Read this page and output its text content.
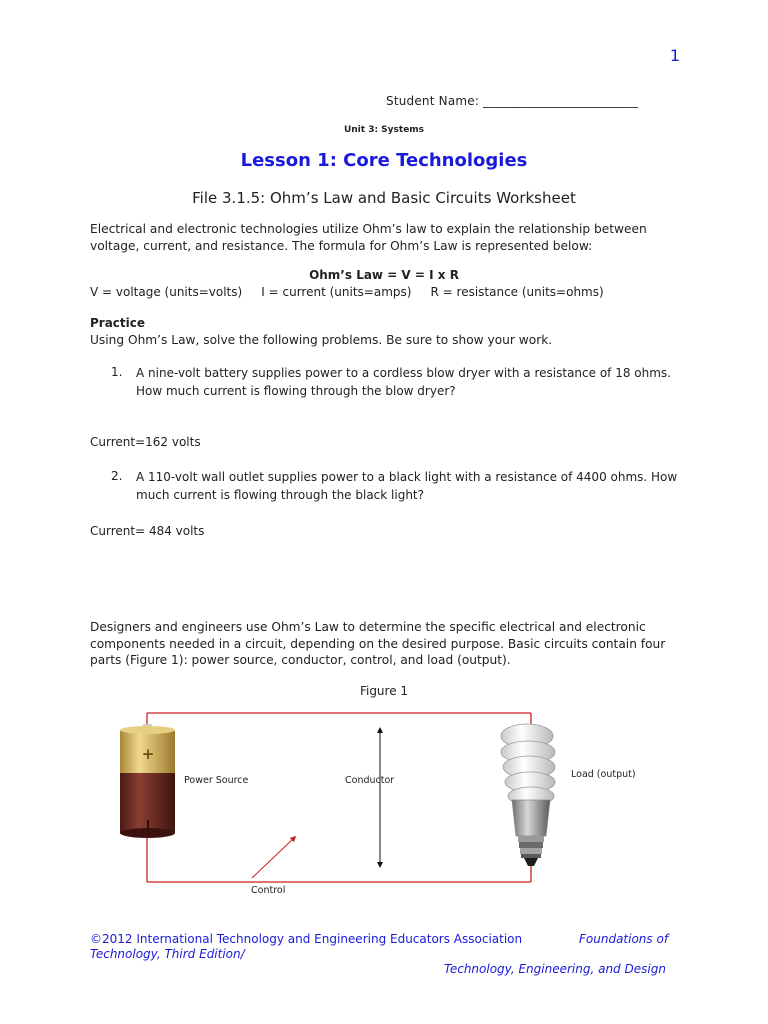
1
Student Name: _________________________
Unit 3: Systems
Lesson 1: Core Technologies
File 3.1.5: Ohm’s Law and Basic Circuits Worksheet
Electrical and electronic technologies utilize Ohm’s law to explain the relationship between voltage, current, and resistance. The formula for Ohm’s Law is represented below:
Ohm’s Law = V = I x R
V = voltage (units=volts)     I = current (units=amps)     R = resistance (units=ohms)
Practice
Using Ohm’s Law, solve the following problems. Be sure to show your work.
1. A nine-volt battery supplies power to a cordless blow dryer with a resistance of 18 ohms. How much current is flowing through the blow dryer?
Current=162 volts
2. A 110-volt wall outlet supplies power to a black light with a resistance of 4400 ohms. How much current is flowing through the black light?
Current= 484 volts
Designers and engineers use Ohm’s Law to determine the specific electrical and electronic components needed in a circuit, depending on the desired purpose. Basic circuits contain four parts (Figure 1): power source, conductor, control, and load (output).
Figure 1
+
Power Source	Conductor
Load (output)
Control
©2012 International Technology and Engineering Educators Association	Foundations of
Technology, Third Edition/
Technology, Engineering, and Design
